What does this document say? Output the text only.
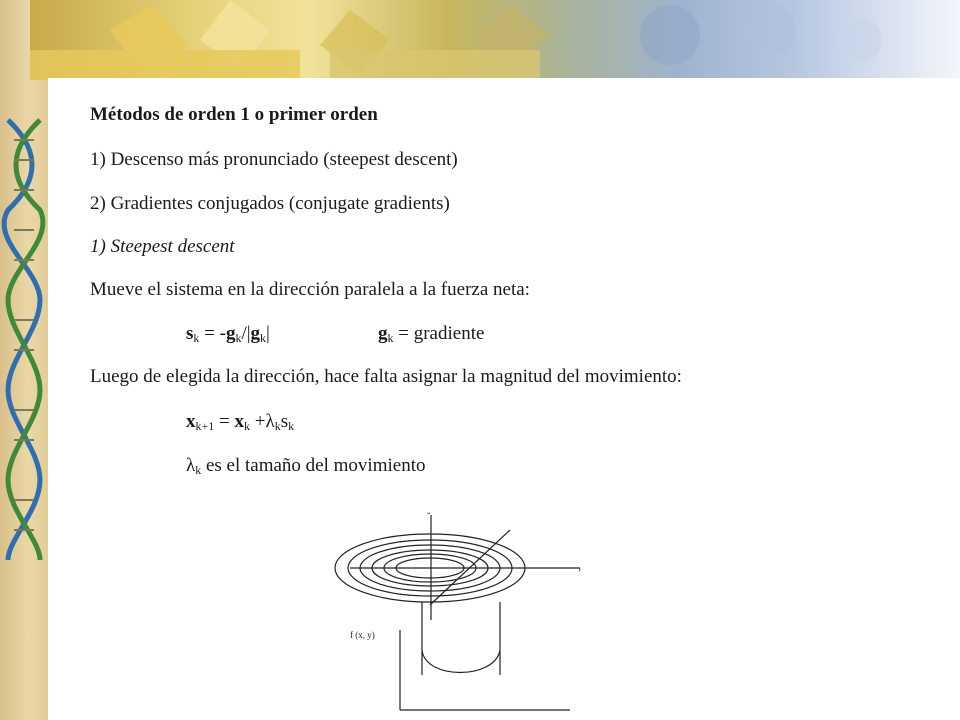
Métodos de orden 1 o primer orden
1) Descenso más pronunciado (steepest descent)
2) Gradientes conjugados (conjugate gradients)
1) Steepest descent
Mueve el sistema en la dirección paralela a la fuerza neta:
$s_k = -g_k/|g_k|$	$g_k$ = gradiente
Luego de elegida la dirección, hace falta asignar la magnitud del movimiento:
$x_{k+1} = x_k +\lambda_ks_k$
$\lambda_k$ es el tamaño del movimiento
f (x, y)
›
ˇ
